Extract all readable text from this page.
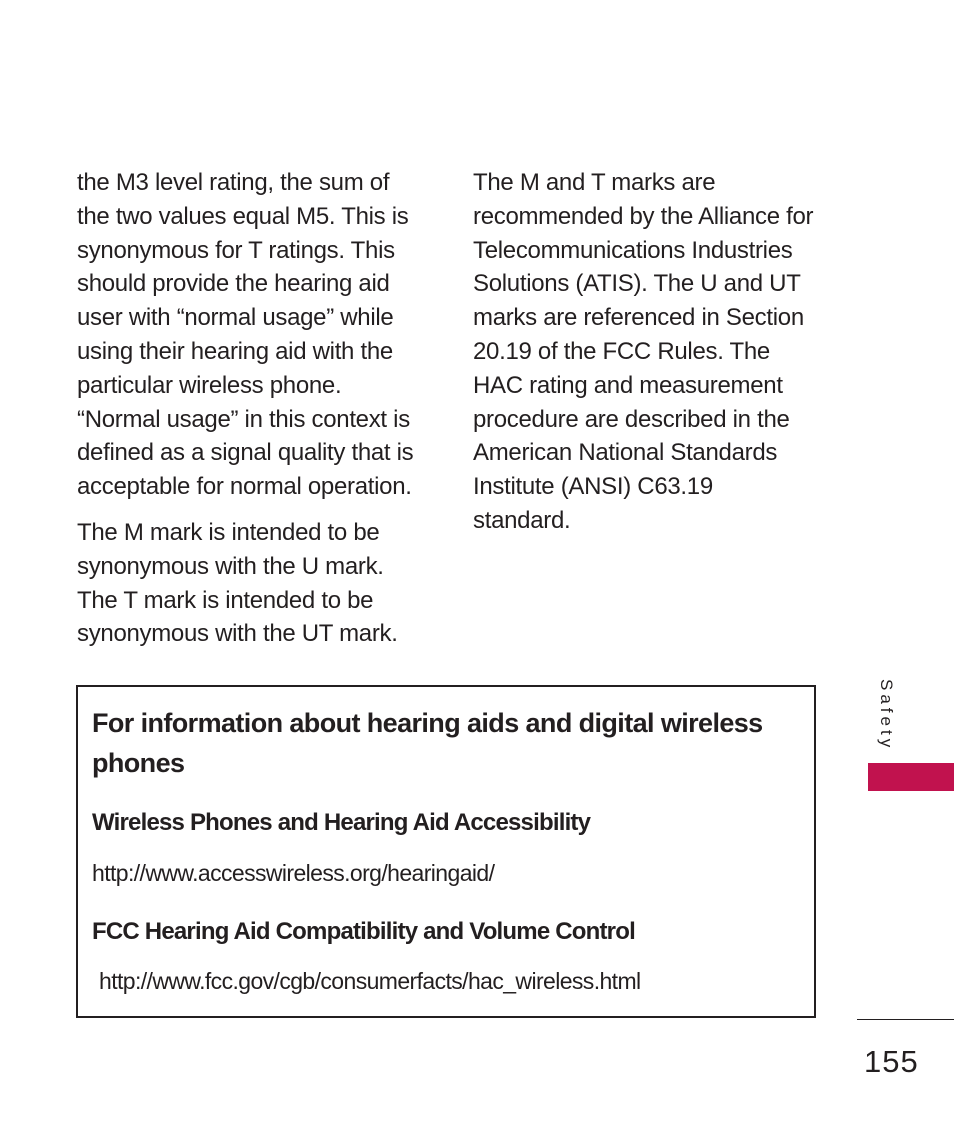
the M3 level rating, the sum of
the two values equal M5. This is
synonymous for T ratings. This
should provide the hearing aid
user with “normal usage” while
using their hearing aid with the
particular wireless phone.
“Normal usage” in this context is
defined as a signal quality that is
acceptable for normal operation.

The M mark is intended to be
synonymous with the U mark.
The T mark is intended to be
synonymous with the UT mark.

The M and T marks are
recommended by the Alliance for
Telecommunications Industries
Solutions (ATIS). The U and UT
marks are referenced in Section
20.19 of the FCC Rules. The
HAC rating and measurement
procedure are described in the
American National Standards
Institute (ANSI) C63.19
standard.

For information about hearing aids and digital wireless phones
Wireless Phones and Hearing Aid Accessibility
http://www.accesswireless.org/hearingaid/
FCC Hearing Aid Compatibility and Volume Control
http://www.fcc.gov/cgb/consumerfacts/hac_wireless.html
Safety
155
